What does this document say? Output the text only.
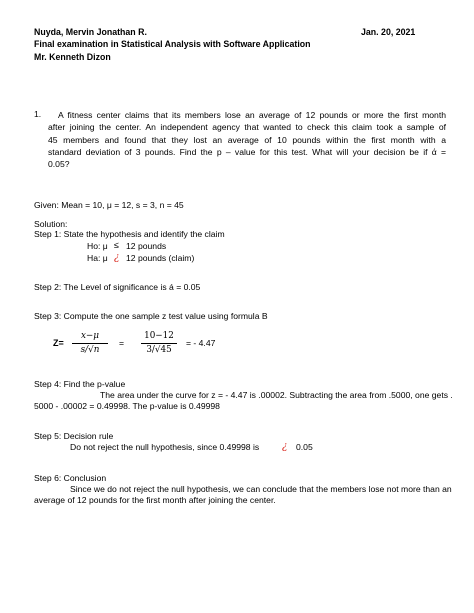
Nuyda, Mervin Jonathan R.	Jan. 20, 2021
Final examination in Statistical Analysis with Software Application
Mr. Kenneth Dizon
1.	A fitness center claims that its members lose an average of 12 pounds or more the first month
after joining the center. An independent agency that wanted to check this claim took a sample of
45 members and found that they lost an average of 10 pounds within the first month with a
standard deviation of 3 pounds. Find the p – value for this test. What will your decision be if ά =
0.05?
Given: Mean = 10, μ = 12, s = 3, n = 45
Solution:
Step 1: State the hypothesis and identify the claim
Ho: μ ≤ 12 pounds
Ha: μ ¿ 12 pounds (claim)
Step 2: The Level of significance is á = 0.05
Step 3: Compute the one sample z test value using formula B
Z=
x−μ
s/√n
=
10−12
3/√45
= - 4.47
Step 4: Find the p-value
The area under the curve for z = - 4.47 is .00002. Subtracting the area from .5000, one gets .
5000 - .00002 = 0.49998. The p-value is 0.49998
Step 5: Decision rule
Do not reject the null hypothesis, since 0.49998 is ¿ 0.05
Step 6: Conclusion
Since we do not reject the null hypothesis, we can conclude that the members lose not more than an
average of 12 pounds for the first month after joining the center.
